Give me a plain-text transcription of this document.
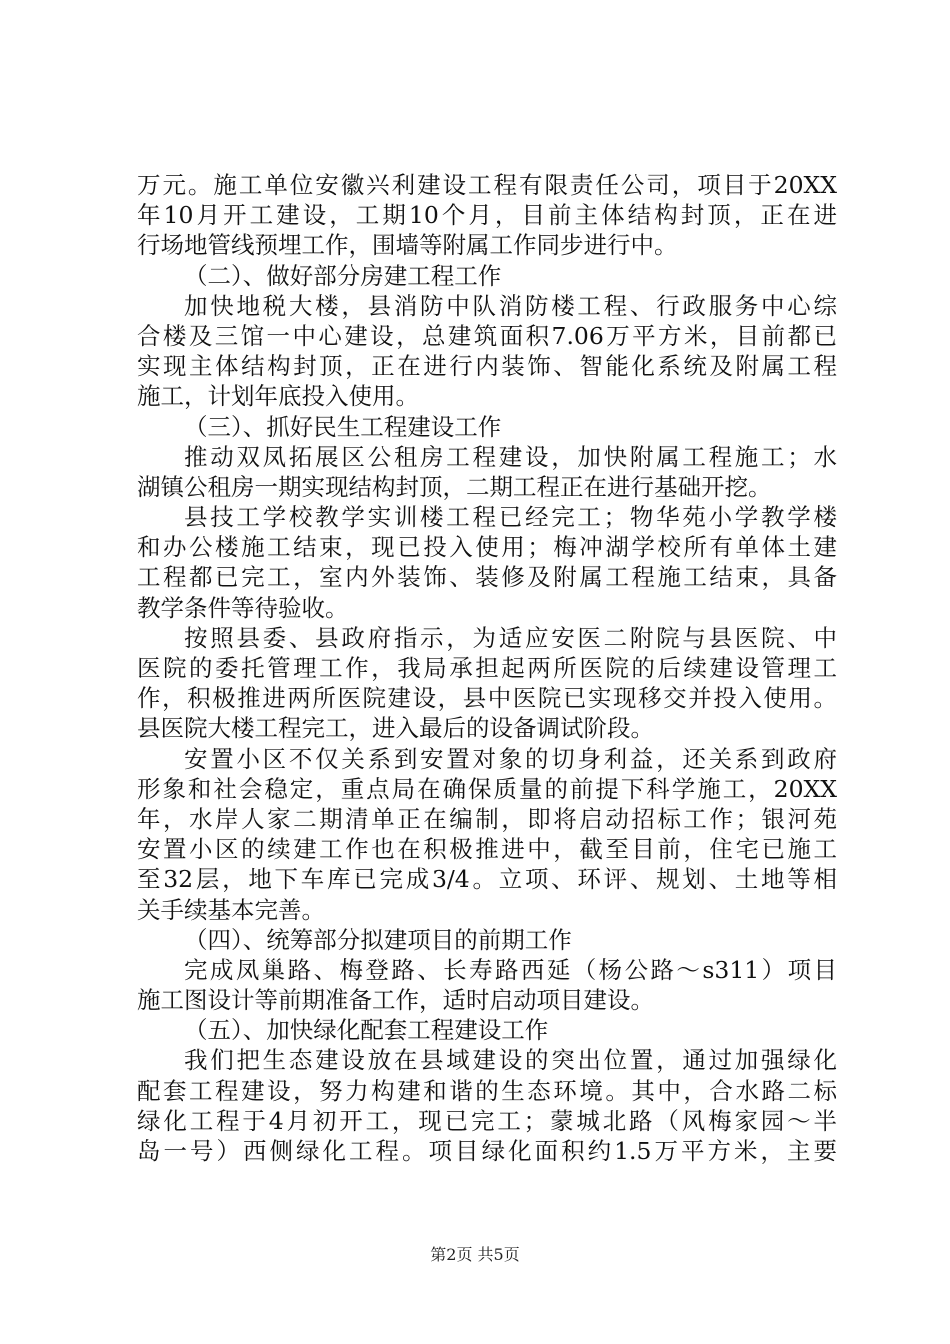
万元。施工单位安徽兴利建设工程有限责任公司，项目于20XX
年10月开工建设，工期10个月，目前主体结构封顶，正在进
行场地管线预埋工作，围墙等附属工作同步进行中。
（二）、做好部分房建工程工作
加快地税大楼，县消防中队消防楼工程、行政服务中心综
合楼及三馆一中心建设，总建筑面积7.06万平方米，目前都已
实现主体结构封顶，正在进行内装饰、智能化系统及附属工程
施工，计划年底投入使用。
（三）、抓好民生工程建设工作
推动双凤拓展区公租房工程建设，加快附属工程施工；水
湖镇公租房一期实现结构封顶，二期工程正在进行基础开挖。
县技工学校教学实训楼工程已经完工；物华苑小学教学楼
和办公楼施工结束，现已投入使用；梅冲湖学校所有单体土建
工程都已完工，室内外装饰、装修及附属工程施工结束，具备
教学条件等待验收。
按照县委、县政府指示，为适应安医二附院与县医院、中
医院的委托管理工作，我局承担起两所医院的后续建设管理工
作，积极推进两所医院建设，县中医院已实现移交并投入使用。
县医院大楼工程完工，进入最后的设备调试阶段。
安置小区不仅关系到安置对象的切身利益，还关系到政府
形象和社会稳定，重点局在确保质量的前提下科学施工，20XX
年，水岸人家二期清单正在编制，即将启动招标工作；银河苑
安置小区的续建工作也在积极推进中，截至目前，住宅已施工
至32层，地下车库已完成3/4。立项、环评、规划、土地等相
关手续基本完善。
（四）、统筹部分拟建项目的前期工作
完成凤巢路、梅登路、长寿路西延（杨公路～s311）项目
施工图设计等前期准备工作，适时启动项目建设。
（五）、加快绿化配套工程建设工作
我们把生态建设放在县域建设的突出位置，通过加强绿化
配套工程建设，努力构建和谐的生态环境。其中，合水路二标
绿化工程于4月初开工，现已完工；蒙城北路（风梅家园～半
岛一号）西侧绿化工程。项目绿化面积约1.5万平方米，主要
第2页 共5页
